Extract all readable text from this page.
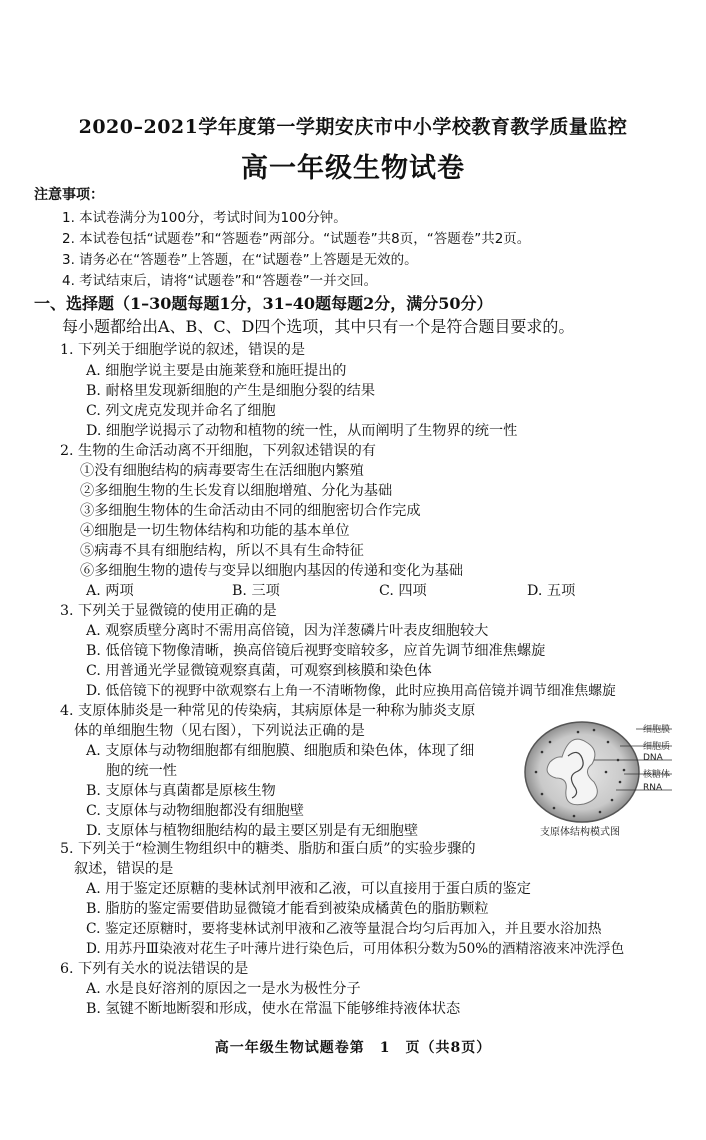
2020–2021学年度第一学期安庆市中小学校教育教学质量监控
高一年级生物试卷
注意事项：
1. 本试卷满分为100分，考试时间为100分钟。
2. 本试卷包括“试题卷”和“答题卷”两部分。“试题卷”共8页，“答题卷”共2页。
3. 请务必在“答题卷”上答题，在“试题卷”上答题是无效的。
4. 考试结束后，请将“试题卷”和“答题卷”一并交回。
一、选择题（1–30题每题1分，31–40题每题2分，满分50分）
每小题都给出A、B、C、D四个选项，其中只有一个是符合题目要求的。
1. 下列关于细胞学说的叙述，错误的是
A. 细胞学说主要是由施莱登和施旺提出的
B. 耐格里发现新细胞的产生是细胞分裂的结果
C. 列文虎克发现并命名了细胞
D. 细胞学说揭示了动物和植物的统一性，从而阐明了生物界的统一性
2. 生物的生命活动离不开细胞，下列叙述错误的有
①没有细胞结构的病毒要寄生在活细胞内繁殖
②多细胞生物的生长发育以细胞增殖、分化为基础
③多细胞生物体的生命活动由不同的细胞密切合作完成
④细胞是一切生物体结构和功能的基本单位
⑤病毒不具有细胞结构，所以不具有生命特征
⑥多细胞生物的遗传与变异以细胞内基因的传递和变化为基础
A. 两项	B. 三项	C. 四项	D. 五项
3. 下列关于显微镜的使用正确的是
A. 观察质壁分离时不需用高倍镜，因为洋葱磷片叶表皮细胞较大
B. 低倍镜下物像清晰，换高倍镜后视野变暗较多，应首先调节细准焦螺旋
C. 用普通光学显微镜观察真菌，可观察到核膜和染色体
D. 低倍镜下的视野中欲观察右上角一不清晰物像，此时应换用高倍镜并调节细准焦螺旋
4. 支原体肺炎是一种常见的传染病，其病原体是一种称为肺炎支原
体的单细胞生物（见右图），下列说法正确的是
A. 支原体与动物细胞都有细胞膜、细胞质和染色体，体现了细
胞的统一性
B. 支原体与真菌都是原核生物
C. 支原体与动物细胞都没有细胞壁
D. 支原体与植物细胞结构的最主要区别是有无细胞壁
细胞膜
细胞质
DNA
核糖体
RNA
支原体结构模式图
5. 下列关于“检测生物组织中的糖类、脂肪和蛋白质”的实验步骤的
叙述，错误的是
A. 用于鉴定还原糖的斐林试剂甲液和乙液，可以直接用于蛋白质的鉴定
B. 脂肪的鉴定需要借助显微镜才能看到被染成橘黄色的脂肪颗粒
C. 鉴定还原糖时，要将斐林试剂甲液和乙液等量混合均匀后再加入，并且要水浴加热
D. 用苏丹Ⅲ染液对花生子叶薄片进行染色后，可用体积分数为50%的酒精溶液来冲洗浮色
6. 下列有关水的说法错误的是
A. 水是良好溶剂的原因之一是水为极性分子
B. 氢键不断地断裂和形成，使水在常温下能够维持液体状态
高一年级生物试题卷第　1　页（共8页）
